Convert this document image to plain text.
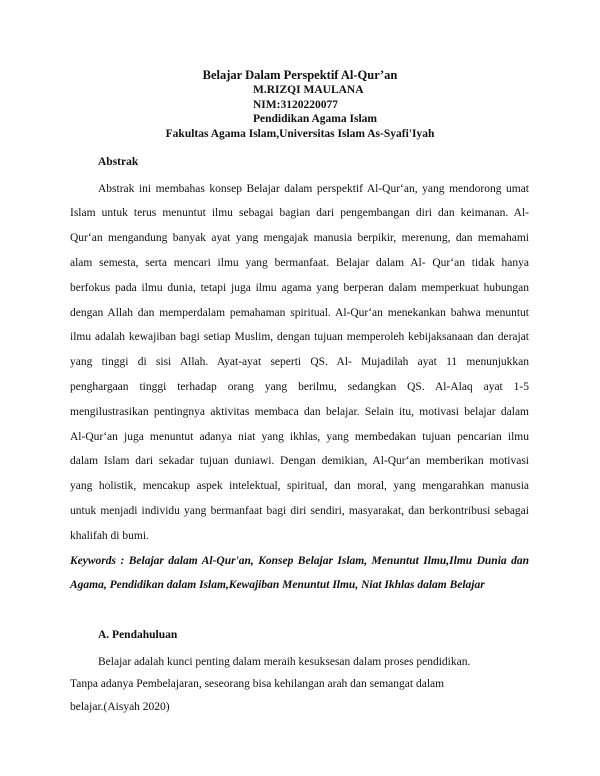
Belajar Dalam Perspektif Al-Qur’an
M.RIZQI MAULANA
NIM:3120220077
Pendidikan Agama Islam
Fakultas Agama Islam,Universitas Islam As-Syafi'Iyah
Abstrak
Abstrak ini membahas konsep Belajar dalam perspektif Al-Qur‘an, yang mendorong umat
Islam untuk terus menuntut ilmu sebagai bagian dari pengembangan diri dan keimanan. Al-
Qur‘an mengandung banyak ayat yang mengajak manusia berpikir, merenung, dan memahami
alam semesta, serta mencari ilmu yang bermanfaat. Belajar dalam Al- Qur‘an tidak hanya
berfokus pada ilmu dunia, tetapi juga ilmu agama yang berperan dalam memperkuat hubungan
dengan Allah dan memperdalam pemahaman spiritual. Al-Qur‘an menekankan bahwa menuntut
ilmu adalah kewajiban bagi setiap Muslim, dengan tujuan memperoleh kebijaksanaan dan derajat
yang tinggi di sisi Allah. Ayat-ayat seperti QS. Al- Mujadilah ayat 11 menunjukkan
penghargaan tinggi terhadap orang yang berilmu, sedangkan QS. Al-Alaq ayat 1-5
mengilustrasikan pentingnya aktivitas membaca dan belajar. Selain itu, motivasi belajar dalam
Al-Qur‘an juga menuntut adanya niat yang ikhlas, yang membedakan tujuan pencarian ilmu
dalam Islam dari sekadar tujuan duniawi. Dengan demikian, Al-Qur‘an memberikan motivasi
yang holistik, mencakup aspek intelektual, spiritual, dan moral, yang mengarahkan manusia
untuk menjadi individu yang bermanfaat bagi diri sendiri, masyarakat, dan berkontribusi sebagai
khalifah di bumi.
Keywords : Belajar dalam Al-Qur'an, Konsep Belajar Islam, Menuntut Ilmu,Ilmu Dunia dan
Agama, Pendidikan dalam Islam,Kewajiban Menuntut Ilmu, Niat Ikhlas dalam Belajar
A. Pendahuluan
Belajar adalah kunci penting dalam meraih kesuksesan dalam proses pendidikan.
Tanpa adanya Pembelajaran, seseorang bisa kehilangan arah dan semangat dalam
belajar.(Aisyah 2020)
